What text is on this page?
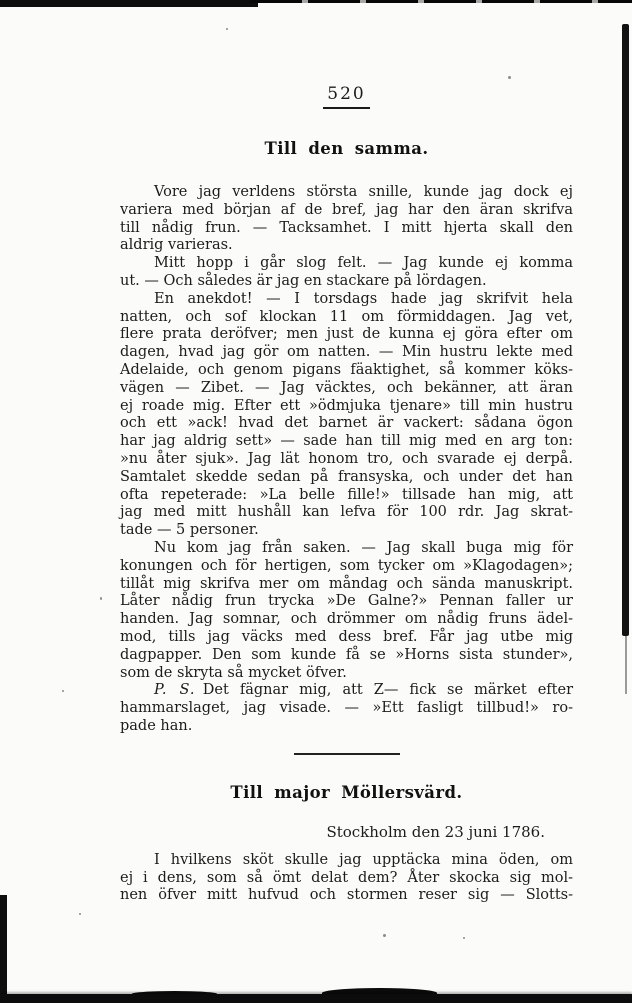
520
Till den samma.
Vore jag verldens största snille, kunde jag dock ej
variera med början af de bref, jag har den äran skrifva
till nådig frun. — Tacksamhet. I mitt hjerta skall den
aldrig varieras.
Mitt hopp i går slog felt. — Jag kunde ej komma
ut. — Och således är jag en stackare på lördagen.
En anekdot! — I torsdags hade jag skrifvit hela
natten, och sof klockan 11 om förmiddagen. Jag vet,
flere prata deröfver; men just de kunna ej göra efter om
dagen, hvad jag gör om natten. — Min hustru lekte med
Adelaide, och genom pigans fäaktighet, så kommer köks-
vägen — Zibet. — Jag väcktes, och bekänner, att äran
ej roade mig. Efter ett »ödmjuka tjenare» till min hustru
och ett »ack! hvad det barnet är vackert: sådana ögon
har jag aldrig sett» — sade han till mig med en arg ton:
»nu åter sjuk». Jag lät honom tro, och svarade ej derpå.
Samtalet skedde sedan på fransyska, och under det han
ofta repeterade: »La belle fille!» tillsade han mig, att
jag med mitt hushåll kan lefva för 100 rdr. Jag skrat-
tade — 5 personer.
Nu kom jag från saken. — Jag skall buga mig för
konungen och för hertigen, som tycker om »Klagodagen»;
tillåt mig skrifva mer om måndag och sända manuskript.
Låter nådig frun trycka »De Galne?» Pennan faller ur
handen. Jag somnar, och drömmer om nådig fruns ädel-
mod, tills jag väcks med dess bref. Får jag utbe mig
dagpapper. Den som kunde få se »Horns sista stunder»,
som de skryta så mycket öfver.
P. S. Det fägnar mig, att Z— fick se märket efter
hammarslaget, jag visade. — »Ett fasligt tillbud!» ro-
pade han.
Till major Möllersvärd.
Stockholm den 23 juni 1786.
I hvilkens sköt skulle jag upptäcka mina öden, om
ej i dens, som så ömt delat dem? Åter skocka sig mol-
nen öfver mitt hufvud och stormen reser sig — Slotts-
